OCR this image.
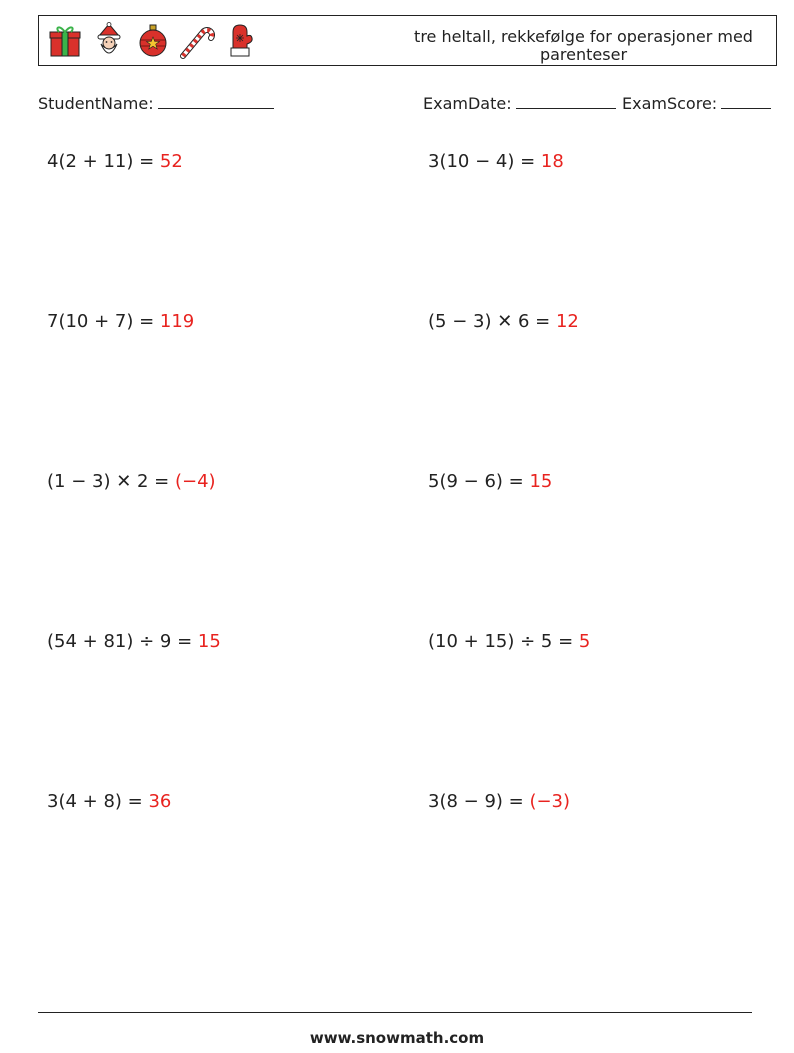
tre heltall, rekkefølge for operasjoner med parenteser
StudentName:	ExamDate:	ExamScore:
4(2 + 11) = 52	3(10 − 4) = 18
7(10 + 7) = 119	(5 − 3) ✕ 6 = 12
(1 − 3) ✕ 2 = (−4)	5(9 − 6) = 15
(54 + 81) ÷ 9 = 15	(10 + 15) ÷ 5 = 5
3(4 + 8) = 36	3(8 − 9) = (−3)
www.snowmath.com
